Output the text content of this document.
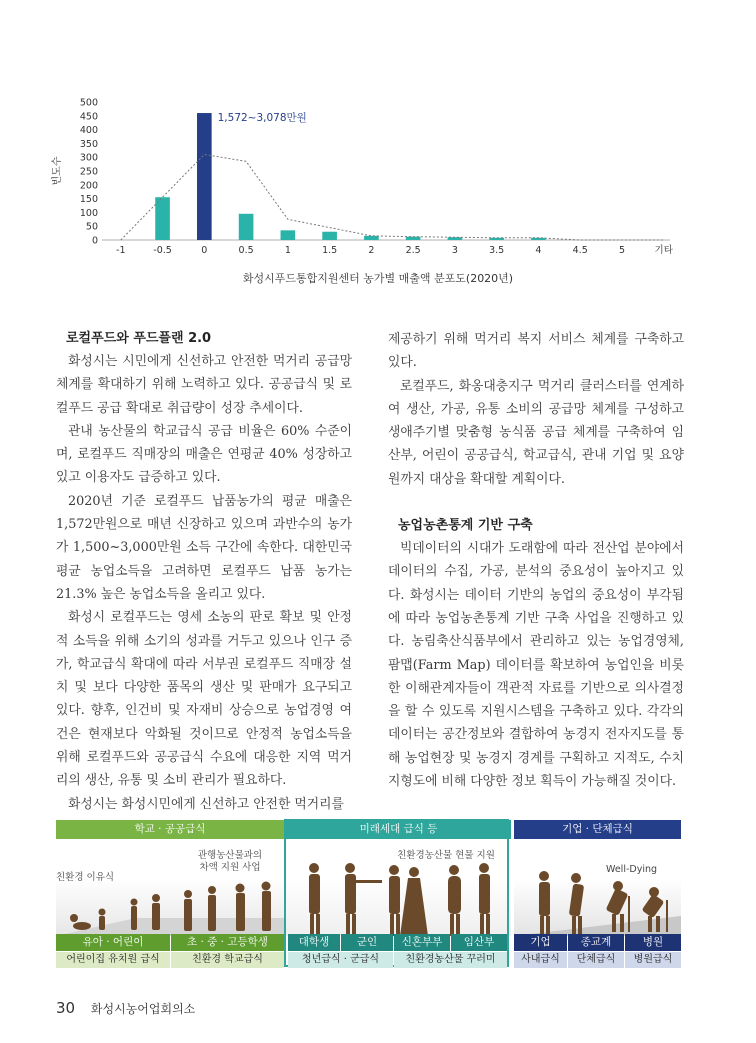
빈도수
0
50
100
150
200
250
300
350
400
450
500
-1	-0.5	0	0.5	1	1.5	2	2.5	3	3.5	4	4.5	5	기타
1,572~3,078만원
화성시푸드통합지원센터 농가별 매출액 분포도(2020년)
로컬푸드와 푸드플랜 2.0

화성시는 시민에게 신선하고 안전한 먹거리 공급망 체계를 확대하기 위해 노력하고 있다. 공공급식 및 로컬푸드 공급 확대로 취급량이 성장 추세이다.

관내 농산물의 학교급식 공급 비율은 60% 수준이며, 로컬푸드 직매장의 매출은 연평균 40% 성장하고 있고 이용자도 급증하고 있다.

2020년 기준 로컬푸드 납품농가의 평균 매출은 1,572만원으로 매년 신장하고 있으며 과반수의 농가가 1,500~3,000만원 소득 구간에 속한다. 대한민국 평균 농업소득을 고려하면 로컬푸드 납품 농가는 21.3% 높은 농업소득을 올리고 있다.

화성시 로컬푸드는 영세 소농의 판로 확보 및 안정적 소득을 위해 소기의 성과를 거두고 있으나 인구 증가, 학교급식 확대에 따라 서부권 로컬푸드 직매장 설치 및 보다 다양한 품목의 생산 및 판매가 요구되고 있다. 향후, 인건비 및 자재비 상승으로 농업경영 여건은 현재보다 악화될 것이므로 안정적 농업소득을 위해 로컬푸드와 공공급식 수요에 대응한 지역 먹거리의 생산, 유통 및 소비 관리가 필요하다.

화성시는 화성시민에게 신선하고 안전한 먹거리를

제공하기 위해 먹거리 복지 서비스 체계를 구축하고 있다.

로컬푸드, 화옹대충지구 먹거리 클러스터를 연계하여 생산, 가공, 유통 소비의 공급망 체계를 구성하고 생애주기별 맞춤형 농식품 공급 체계를 구축하여 임산부, 어린이 공공급식, 학교급식, 관내 기업 및 요양원까지 대상을 확대할 계획이다.

농업농촌통계 기반 구축

빅데이터의 시대가 도래함에 따라 전산업 분야에서 데이터의 수집, 가공, 분석의 중요성이 높아지고 있다. 화성시는 데이터 기반의 농업의 중요성이 부각됨에 따라 농업농촌통계 기반 구축 사업을 진행하고 있다. 농림축산식품부에서 관리하고 있는 농업경영체, 팜맵(Farm Map) 데이터를 확보하여 농업인을 비롯한 이해관계자들이 객관적 자료를 기반으로 의사결정을 할 수 있도록 지원시스템을 구축하고 있다. 각각의 데이터는 공간정보와 결합하여 농경지 전자지도를 통해 농업현장 및 농경지 경계를 구획하고 지적도, 수치지형도에 비해 다양한 정보 획득이 가능해질 것이다.

학교 · 공공급식	미래세대 급식 등	기업 · 단체급식
친환경 이유식
관행농산물과의
차액 지원 사업
친환경농산물 현물 지원
Well-Dying
유아 · 어린이	초 · 중 · 고등학생	대학생	군인	신혼부부	임산부	기업	종교계	병원
어린이집 유치원 급식	친환경 학교급식	청년급식 · 군급식	친환경농산물 꾸러미	사내급식	단체급식	병원급식
30 화성시농어업회의소
